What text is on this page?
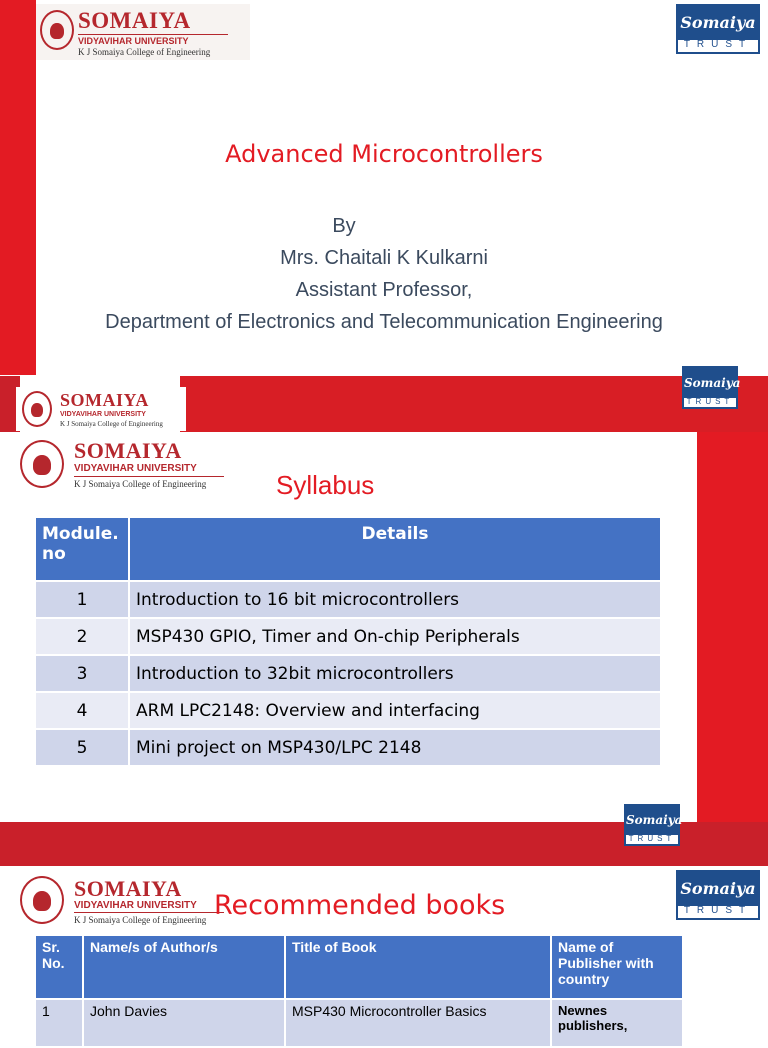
SOMAIYA
VIDYAVIHAR UNIVERSITY
K J Somaiya College of Engineering
Somaiya
TRUST
Advanced Microcontrollers
By
Mrs. Chaitali K Kulkarni
Assistant Professor,
Department of Electronics and Telecommunication Engineering
SOMAIYA
VIDYAVIHAR UNIVERSITY
K J Somaiya College of Engineering
Somaiya
TRUST
SOMAIYA
VIDYAVIHAR UNIVERSITY
K J Somaiya College of Engineering
Somaiya
TRUST
Syllabus
Module. no	Details
1	Introduction to 16 bit microcontrollers
2	MSP430 GPIO, Timer and On-chip Peripherals
3	Introduction to 32bit microcontrollers
4	ARM LPC2148: Overview and interfacing
5	Mini project on MSP430/LPC 2148
SOMAIYA
VIDYAVIHAR UNIVERSITY
K J Somaiya College of Engineering
Somaiya
TRUST
Recommended books
Sr. No.	Name/s of Author/s	Title of Book	Name of Publisher with country
1	John Davies	MSP430 Microcontroller Basics	Newnes publishers,
